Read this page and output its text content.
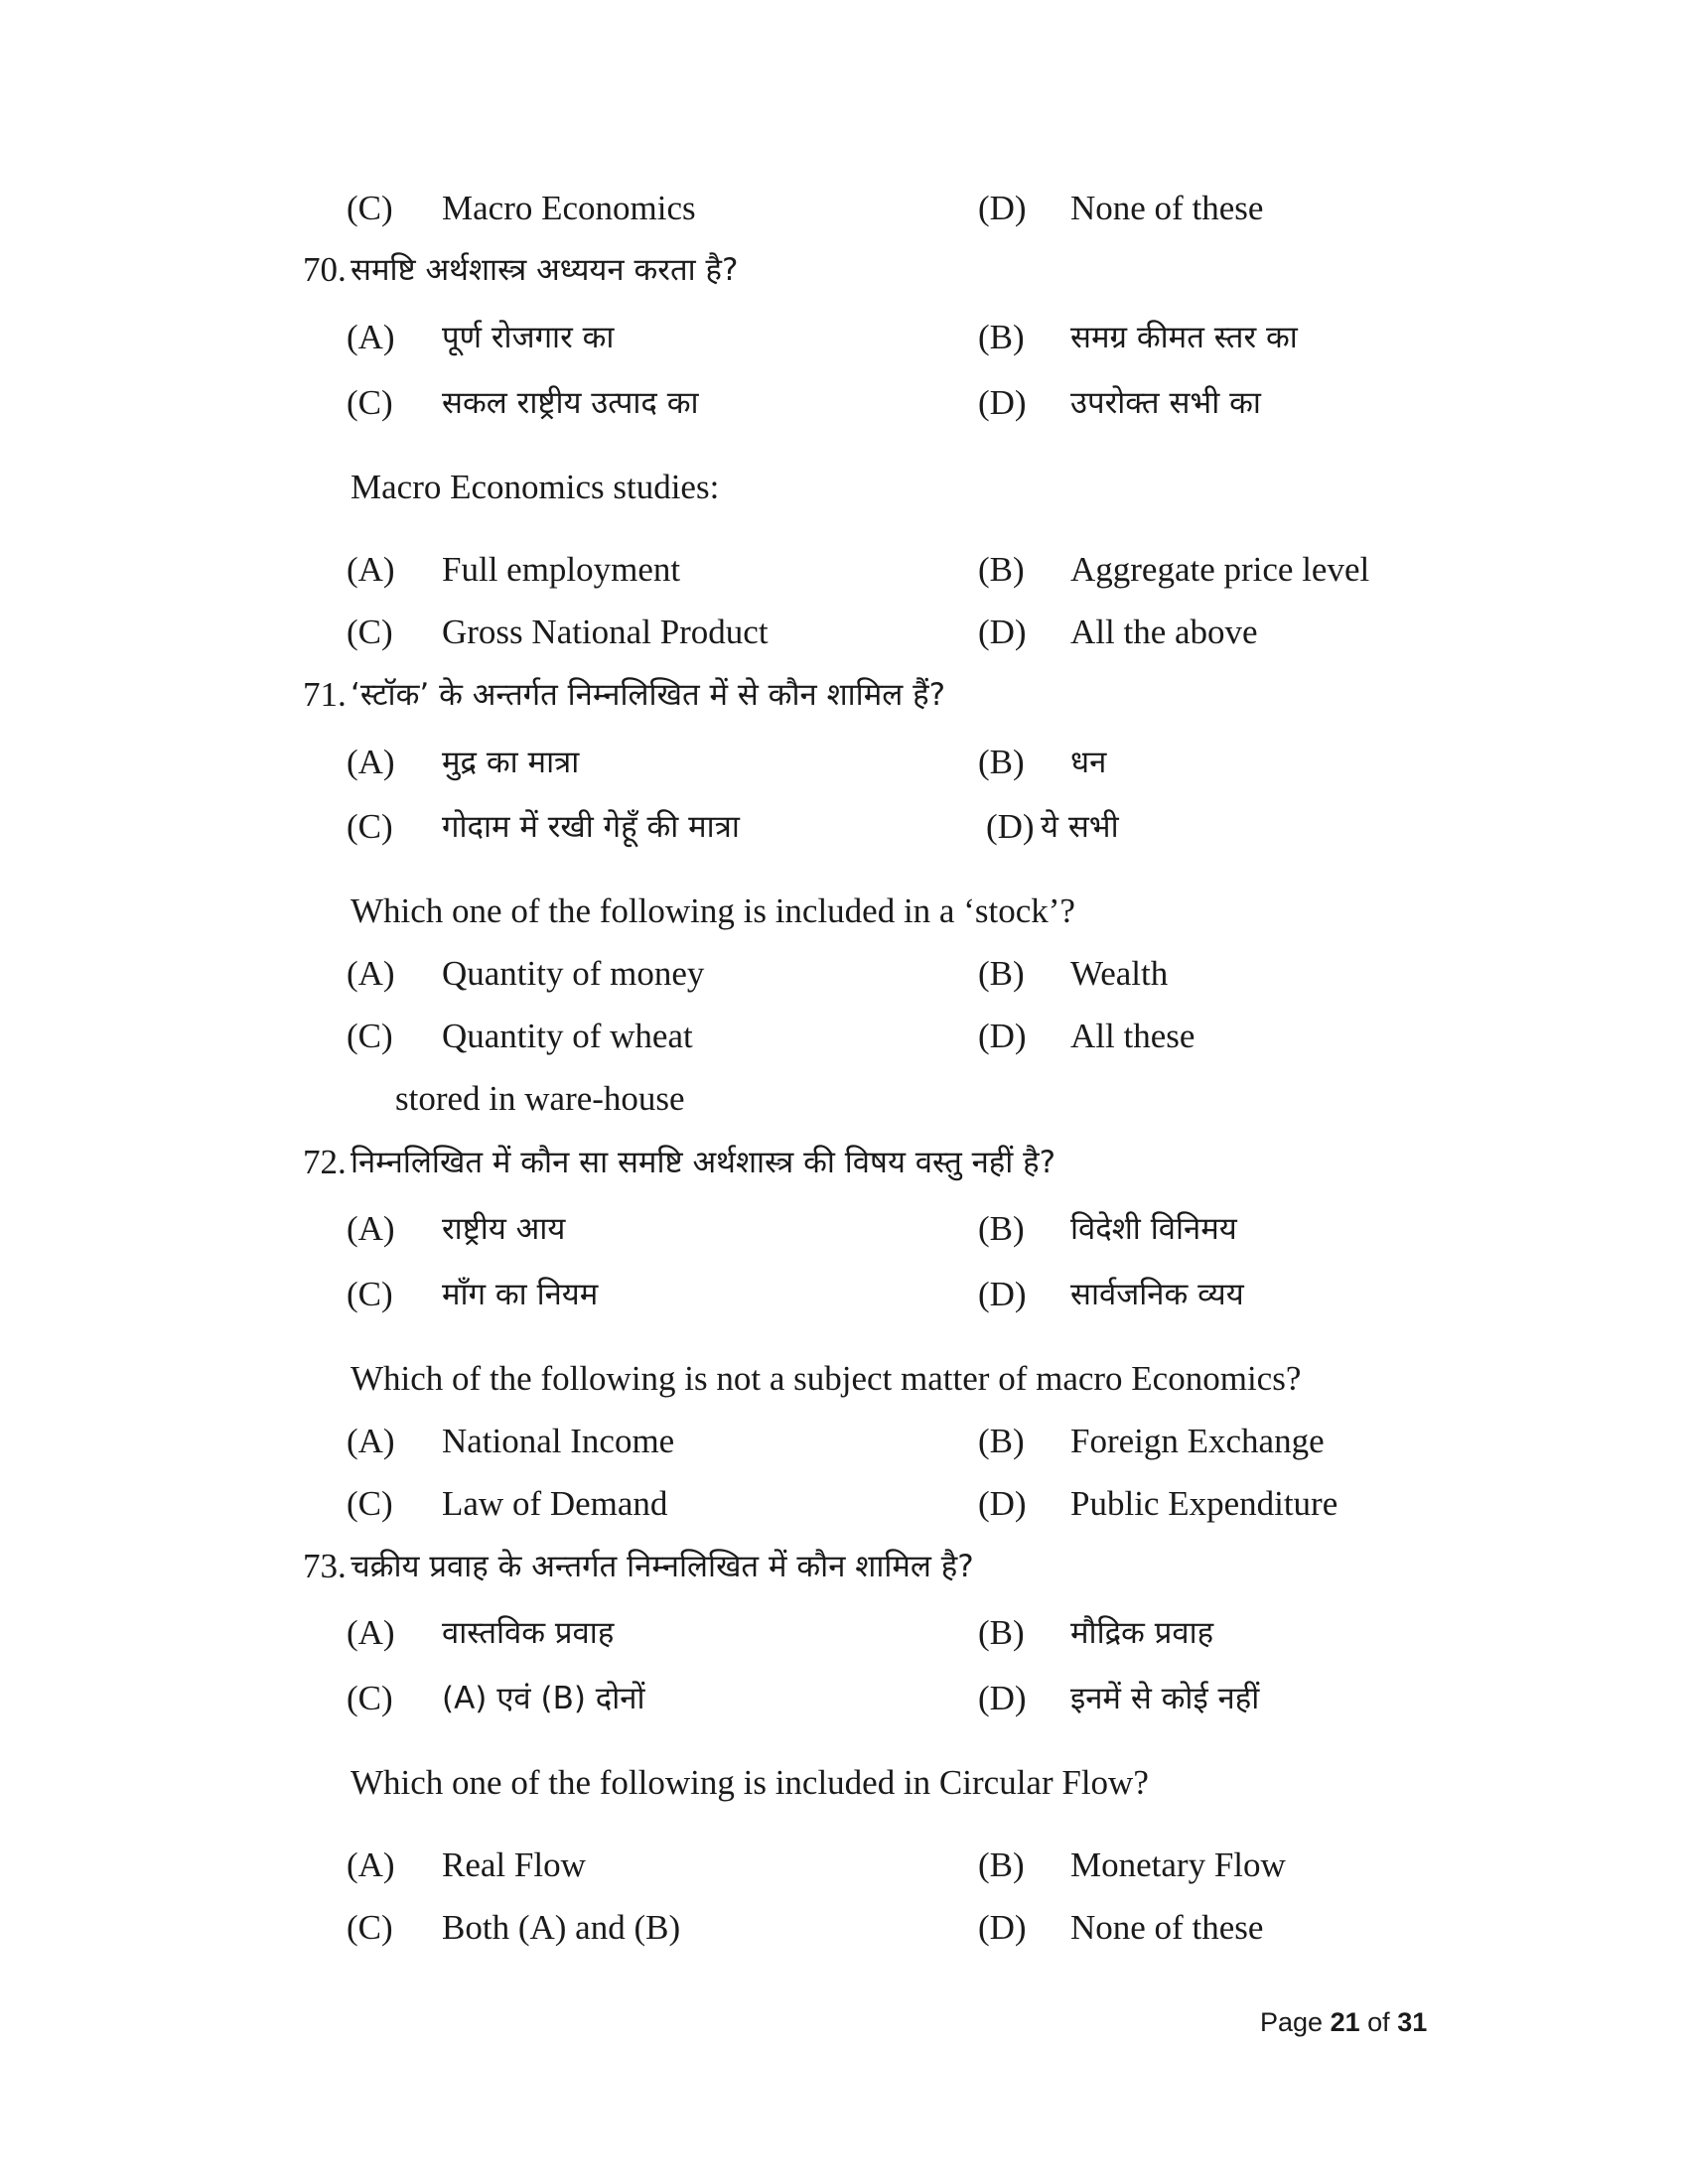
(C) Macro Economics	(D) None of these
70. समष्टि अर्थशास्त्र अध्ययन करता है?
(A) पूर्ण रोजगार का	(B) समग्र कीमत स्तर का
(C) सकल राष्ट्रीय उत्पाद का	(D) उपरोक्त सभी का
Macro Economics studies:
(A) Full employment	(B) Aggregate price level
(C) Gross National Product	(D) All the above
71. ‘स्टॉक’ के अन्तर्गत निम्नलिखित में से कौन शामिल हैं?
(A) मुद्र का मात्रा	(B) धन
(C) गोदाम में रखी गेहूँ की मात्रा	(D) ये सभी
Which one of the following is included in a ‘stock’?
(A) Quantity of money	(B) Wealth
(C) Quantity of wheat	(D) All these
stored in ware-house
72. निम्नलिखित में कौन सा समष्टि अर्थशास्त्र की विषय वस्तु नहीं है?
(A) राष्ट्रीय आय	(B) विदेशी विनिमय
(C) माँग का नियम	(D) सार्वजनिक व्यय
Which of the following is not a subject matter of macro Economics?
(A) National Income	(B) Foreign Exchange
(C) Law of Demand	(D) Public Expenditure
73. चक्रीय प्रवाह के अन्तर्गत निम्नलिखित में कौन शामिल है?
(A) वास्तविक प्रवाह	(B) मौद्रिक प्रवाह
(C) (A) एवं (B) दोनों	(D) इनमें से कोई नहीं
Which one of the following is included in Circular Flow?
(A) Real Flow	(B) Monetary Flow
(C) Both (A) and (B)	(D) None of these
Page 21 of 31
